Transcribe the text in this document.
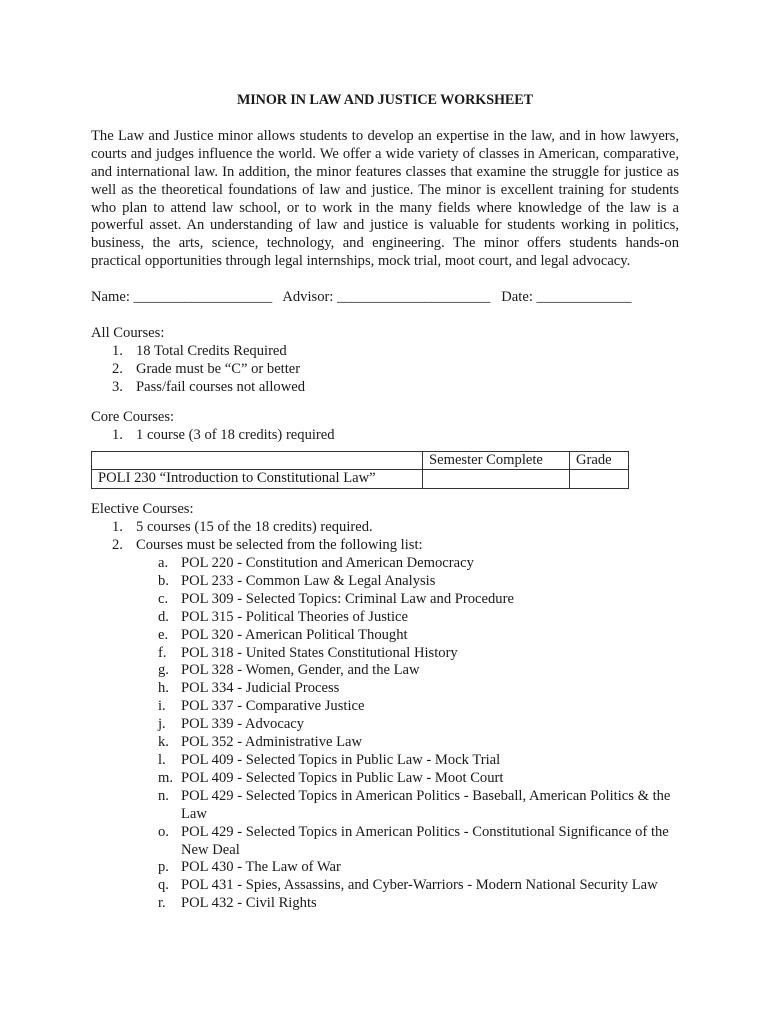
MINOR IN LAW AND JUSTICE WORKSHEET

The Law and Justice minor allows students to develop an expertise in the law, and in how lawyers, courts and judges influence the world. We offer a wide variety of classes in American, comparative, and international law. In addition, the minor features classes that examine the struggle for justice as well as the theoretical foundations of law and justice. The minor is excellent training for students who plan to attend law school, or to work in the many fields where knowledge of the law is a powerful asset. An understanding of law and justice is valuable for students working in politics, business, the arts, science, technology, and engineering. The minor offers students hands-on practical opportunities through legal internships, mock trial, moot court, and legal advocacy.

Name: ___________________ Advisor: _____________________ Date: _____________
All Courses:
1. 18 Total Credits Required
2. Grade must be “C” or better
3. Pass/fail courses not allowed
Core Courses:
1. 1 course (3 of 18 credits) required
	Semester Complete	Grade
POLI 230 “Introduction to Constitutional Law”		
Elective Courses:
1. 5 courses (15 of the 18 credits) required.
2. Courses must be selected from the following list:
a. POL 220 - Constitution and American Democracy
b. POL 233 - Common Law & Legal Analysis
c. POL 309 - Selected Topics: Criminal Law and Procedure
d. POL 315 - Political Theories of Justice
e. POL 320 - American Political Thought
f. POL 318 - United States Constitutional History
g. POL 328 - Women, Gender, and the Law
h. POL 334 - Judicial Process
i.	POL 337 - Comparative Justice
j.	POL 339 - Advocacy
k. POL 352 - Administrative Law
l.	POL 409 - Selected Topics in Public Law - Mock Trial
m. POL 409 - Selected Topics in Public Law - Moot Court
n. POL 429 - Selected Topics in American Politics - Baseball, American Politics & the Law
o. POL 429 - Selected Topics in American Politics - Constitutional Significance of the New Deal
p. POL 430 - The Law of War
q. POL 431 - Spies, Assassins, and Cyber-Warriors - Modern National Security Law
r.	POL 432 - Civil Rights
